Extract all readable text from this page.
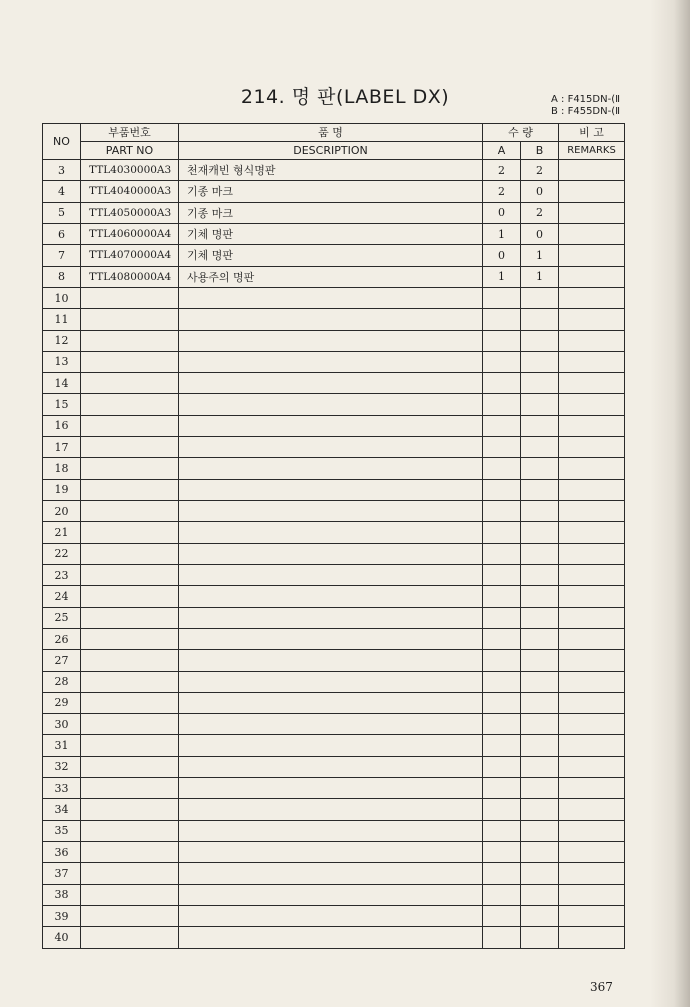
214. 명 판(LABEL DX)	A : F415DN-(Ⅱ
B : F455DN-(Ⅱ
NO	부품번호	품 명	수 량		비 고
	PART NO	DESCRIPTION	A	B	REMARKS
3	TTL4030000A3	천재캐빈 형식명판	2	2	
4	TTL4040000A3	기종 마크	2	0	
5	TTL4050000A3	기종 마크	0	2	
6	TTL4060000A4	기체 명판	1	0	
7	TTL4070000A4	기체 명판	0	1	
8	TTL4080000A4	사용주의 명판	1	1	
10					
11					
12					
13					
14					
15					
16					
17					
18					
19					
20					
21					
22					
23					
24					
25					
26					
27					
28					
29					
30					
31					
32					
33					
34					
35					
36					
37					
38					
39					
40					
367
